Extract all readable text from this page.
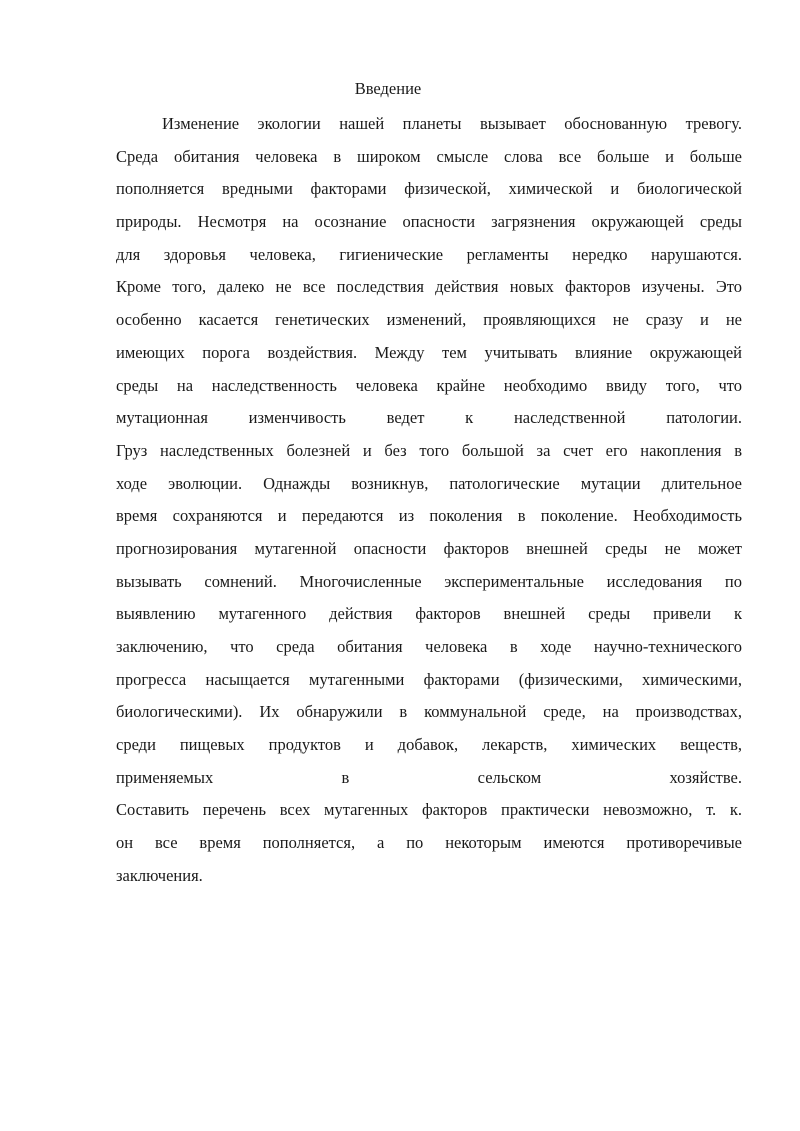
Введение
Изменение экологии нашей планеты вызывает обоснованную тревогу.
Среда обитания человека в широком смысле слова все больше и больше
пополняется вредными факторами физической, химической и биологической
природы. Несмотря на осознание опасности загрязнения окружающей среды
для здоровья человека, гигиенические регламенты нередко нарушаются.
Кроме того, далеко не все последствия действия новых факторов изучены. Это
особенно касается генетических изменений, проявляющихся не сразу и не
имеющих порога воздействия. Между тем учитывать влияние окружающей
среды на наследственность человека крайне необходимо ввиду того, что
мутационная изменчивость ведет к наследственной патологии.
Груз наследственных болезней и без того большой за счет его накопления в
ходе эволюции. Однажды возникнув, патологические мутации длительное
время сохраняются и передаются из поколения в поколение. Необходимость
прогнозирования мутагенной опасности факторов внешней среды не может
вызывать сомнений. Многочисленные экспериментальные исследования по
выявлению мутагенного действия факторов внешней среды привели к
заключению, что среда обитания человека в ходе научно-технического
прогресса насыщается мутагенными факторами (физическими, химическими,
биологическими). Их обнаружили в коммунальной среде, на производствах,
среди пищевых продуктов и добавок, лекарств, химических веществ,
применяемых в сельском хозяйстве.
Составить перечень всех мутагенных факторов практически невозможно, т. к.
он все время пополняется, а по некоторым имеются противоречивые
заключения.
